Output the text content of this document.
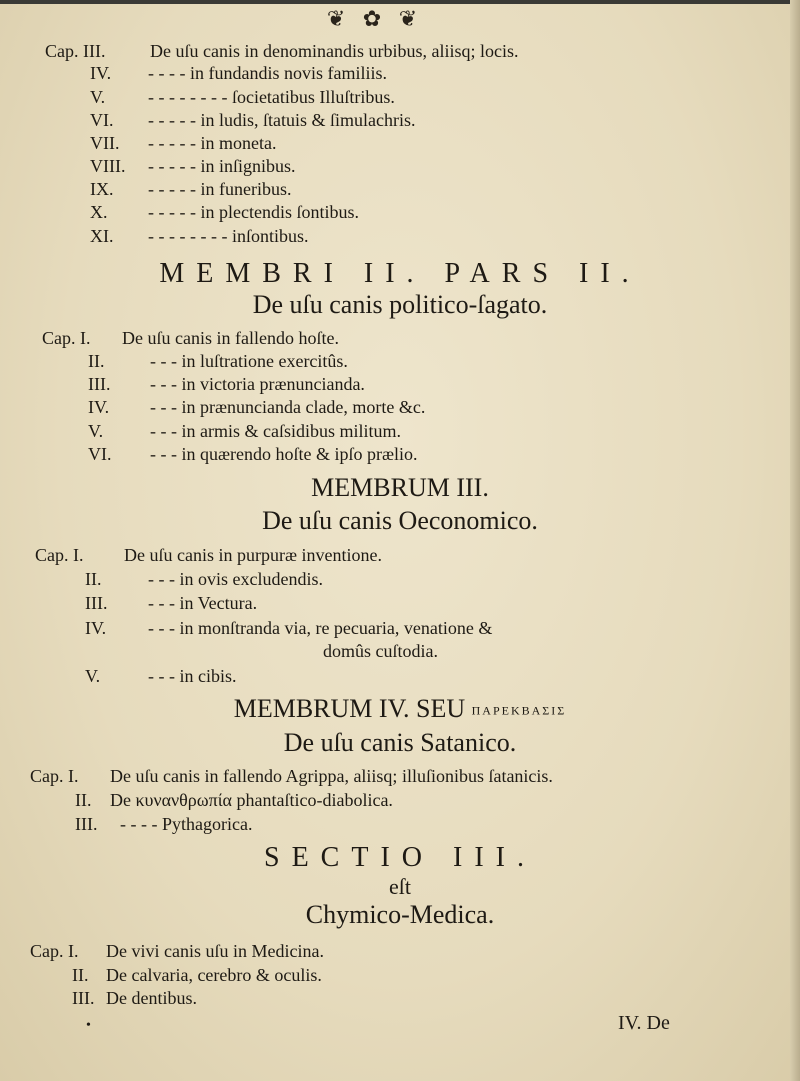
❦ ✿ ❦
Cap. III. De uſu canis in denominandis urbibus, aliisq; locis.
IV. - - - - in fundandis novis familiis.
V. - - - - - - - - ſocietatibus Illuſtribus.
VI. - - - - - in ludis, ſtatuis & ſimulachris.
VII. - - - - - in moneta.
VIII. - - - - - in inſignibus.
IX. - - - - - in funeribus.
X. - - - - - in plectendis ſontibus.
XI. - - - - - - - - inſontibus.
MEMBRI II. PARS II.
De uſu canis politico-ſagato.
Cap. I. De uſu canis in fallendo hoſte.
II.	- - - in luſtratione exercitûs.
III. - - - in victoria prænuncianda.
IV. - - - in prænuncianda clade, morte &c.
V.	- - - in armis & caſsidibus militum.
VI. - - - in quærendo hoſte & ipſo prælio.
MEMBRUM III.
De uſu canis Oeconomico.
Cap. I. De uſu canis in purpuræ inventione.
II.	- - - in ovis excludendis.
III. - - - in Vectura.
IV. - - - in monſtranda via, re pecuaria, venatione &
domûs cuſtodia.
V.	- - - in cibis.
MEMBRUM IV. SEU ΠΑΡΕΚΒΑΣΙΣ
De uſu canis Satanico.
Cap. I. De uſu canis in fallendo Agrippa, aliisq; illuſionibus ſatanicis.
II. De κυνανθρωπία phantaſtico-diabolica.
III. - - - - Pythagorica.
SECTIO III.
eſt
Chymico-Medica.
Cap. I. De vivi canis uſu in Medicina.
II. De calvaria, cerebro & oculis.
III. De dentibus.
•	IV. De
